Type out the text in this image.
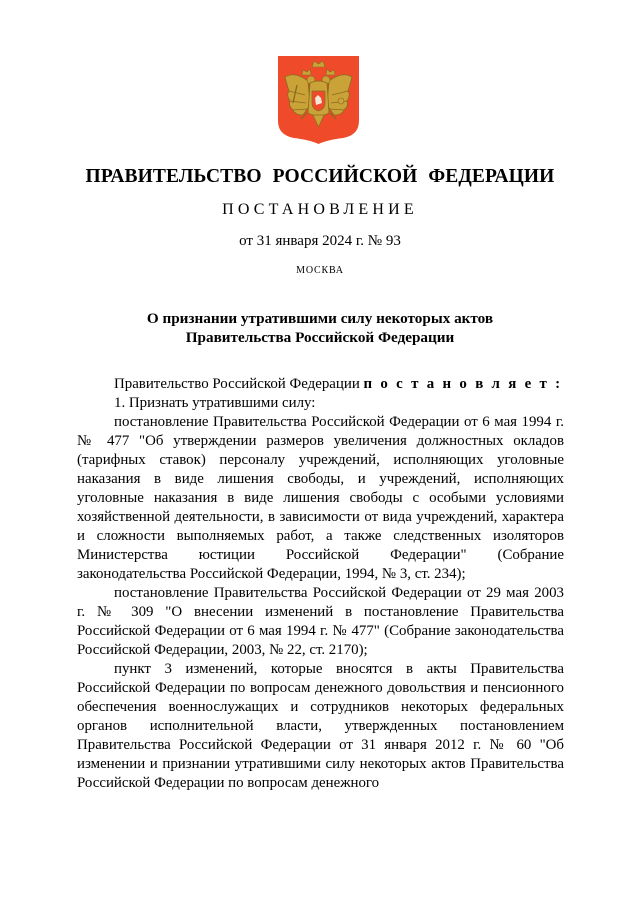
ПРАВИТЕЛЬСТВО РОССИЙСКОЙ ФЕДЕРАЦИИ
ПОСТАНОВЛЕНИЕ
от 31 января 2024 г. № 93
МОСКВА
О признании утратившими силу некоторых актов
Правительства Российской Федерации

Правительство Российской Федерации п о с т а н о в л я е т :

1. Признать утратившими силу:

постановление Правительства Российской Федерации от 6 мая 1994 г. № 477 "Об утверждении размеров увеличения должностных окладов (тарифных ставок) персоналу учреждений, исполняющих уголовные наказания в виде лишения свободы, и учреждений, исполняющих уголовные наказания в виде лишения свободы с особыми условиями хозяйственной деятельности, в зависимости от вида учреждений, характера и сложности выполняемых работ, а также следственных изоляторов Министерства юстиции Российской Федерации" (Собрание законодательства Российской Федерации, 1994, № 3, ст. 234);

постановление Правительства Российской Федерации от 29 мая 2003 г. № 309 "О внесении изменений в постановление Правительства Российской Федерации от 6 мая 1994 г. № 477" (Собрание законодательства Российской Федерации, 2003, № 22, ст. 2170);

пункт 3 изменений, которые вносятся в акты Правительства Российской Федерации по вопросам денежного довольствия и пенсионного обеспечения военнослужащих и сотрудников некоторых федеральных органов исполнительной власти, утвержденных постановлением Правительства Российской Федерации от 31 января 2012 г. № 60 "Об изменении и признании утратившими силу некоторых актов Правительства Российской Федерации по вопросам денежного
